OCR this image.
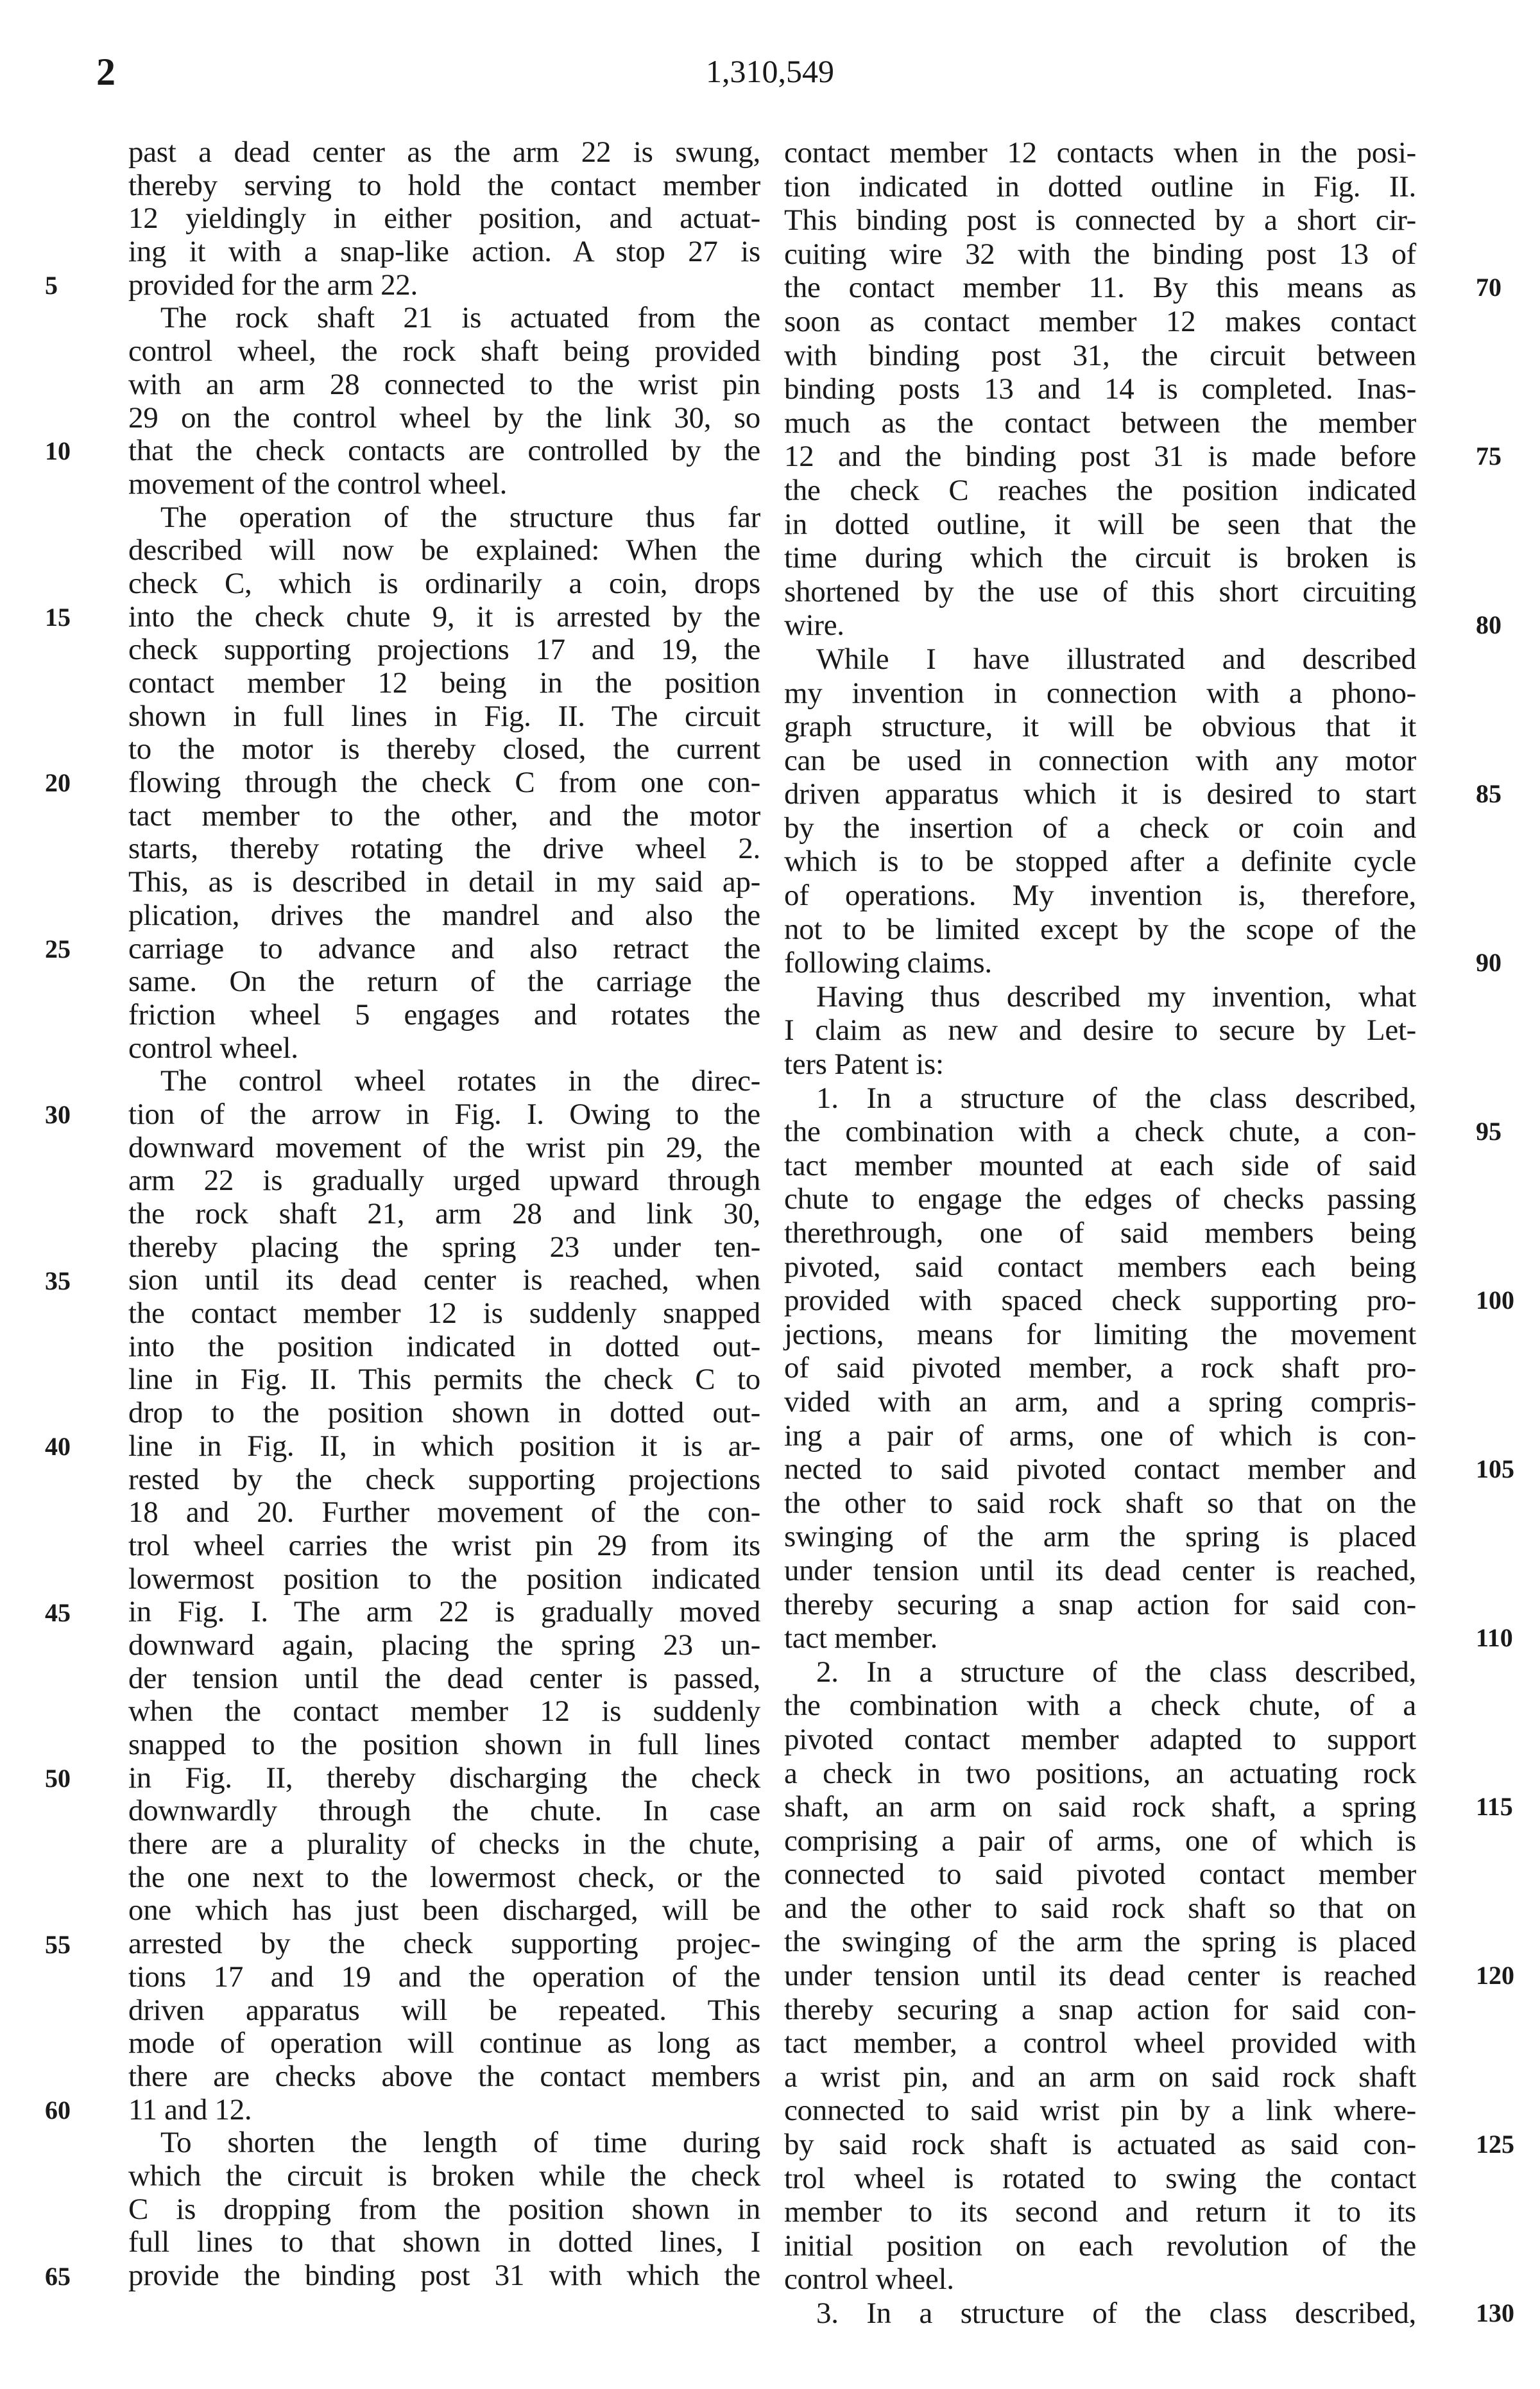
2	1,310,549
5
10
15
20
25
30
35
40
45
50
55
60
65
past a dead center as the arm 22 is swung,
thereby serving to hold the contact member
12 yieldingly in either position, and actuat-
ing it with a snap-like action. A stop 27 is
provided for the arm 22.
The rock shaft 21 is actuated from the
control wheel, the rock shaft being provided
with an arm 28 connected to the wrist pin
29 on the control wheel by the link 30, so
that the check contacts are controlled by the
movement of the control wheel.
The operation of the structure thus far
described will now be explained: When the
check C, which is ordinarily a coin, drops
into the check chute 9, it is arrested by the
check supporting projections 17 and 19, the
contact member 12 being in the position
shown in full lines in Fig. II. The circuit
to the motor is thereby closed, the current
flowing through the check C from one con-
tact member to the other, and the motor
starts, thereby rotating the drive wheel 2.
This, as is described in detail in my said ap-
plication, drives the mandrel and also the
carriage to advance and also retract the
same. On the return of the carriage the
friction wheel 5 engages and rotates the
control wheel.
The control wheel rotates in the direc-
tion of the arrow in Fig. I. Owing to the
downward movement of the wrist pin 29, the
arm 22 is gradually urged upward through
the rock shaft 21, arm 28 and link 30,
thereby placing the spring 23 under ten-
sion until its dead center is reached, when
the contact member 12 is suddenly snapped
into the position indicated in dotted out-
line in Fig. II. This permits the check C to
drop to the position shown in dotted out-
line in Fig. II, in which position it is ar-
rested by the check supporting projections
18 and 20. Further movement of the con-
trol wheel carries the wrist pin 29 from its
lowermost position to the position indicated
in Fig. I. The arm 22 is gradually moved
downward again, placing the spring 23 un-
der tension until the dead center is passed,
when the contact member 12 is suddenly
snapped to the position shown in full lines
in Fig. II, thereby discharging the check
downwardly through the chute. In case
there are a plurality of checks in the chute,
the one next to the lowermost check, or the
one which has just been discharged, will be
arrested by the check supporting projec-
tions 17 and 19 and the operation of the
driven apparatus will be repeated. This
mode of operation will continue as long as
there are checks above the contact members
11 and 12.
To shorten the length of time during
which the circuit is broken while the check
C is dropping from the position shown in
full lines to that shown in dotted lines, I
provide the binding post 31 with which the
contact member 12 contacts when in the posi-
tion indicated in dotted outline in Fig. II.
This binding post is connected by a short cir-
cuiting wire 32 with the binding post 13 of
the contact member 11. By this means as
soon as contact member 12 makes contact
with binding post 31, the circuit between
binding posts 13 and 14 is completed. Inas-
much as the contact between the member
12 and the binding post 31 is made before
the check C reaches the position indicated
in dotted outline, it will be seen that the
time during which the circuit is broken is
shortened by the use of this short circuiting
wire.
While I have illustrated and described
my invention in connection with a phono-
graph structure, it will be obvious that it
can be used in connection with any motor
driven apparatus which it is desired to start
by the insertion of a check or coin and
which is to be stopped after a definite cycle
of operations. My invention is, therefore,
not to be limited except by the scope of the
following claims.
Having thus described my invention, what
I claim as new and desire to secure by Let-
ters Patent is:
1. In a structure of the class described,
the combination with a check chute, a con-
tact member mounted at each side of said
chute to engage the edges of checks passing
therethrough, one of said members being
pivoted, said contact members each being
provided with spaced check supporting pro-
jections, means for limiting the movement
of said pivoted member, a rock shaft pro-
vided with an arm, and a spring compris-
ing a pair of arms, one of which is con-
nected to said pivoted contact member and
the other to said rock shaft so that on the
swinging of the arm the spring is placed
under tension until its dead center is reached,
thereby securing a snap action for said con-
tact member.
2. In a structure of the class described,
the combination with a check chute, of a
pivoted contact member adapted to support
a check in two positions, an actuating rock
shaft, an arm on said rock shaft, a spring
comprising a pair of arms, one of which is
connected to said pivoted contact member
and the other to said rock shaft so that on
the swinging of the arm the spring is placed
under tension until its dead center is reached
thereby securing a snap action for said con-
tact member, a control wheel provided with
a wrist pin, and an arm on said rock shaft
connected to said wrist pin by a link where-
by said rock shaft is actuated as said con-
trol wheel is rotated to swing the contact
member to its second and return it to its
initial position on each revolution of the
control wheel.
3. In a structure of the class described,
70
75
80
85
90
95
100
105
110
115
120
125
130
